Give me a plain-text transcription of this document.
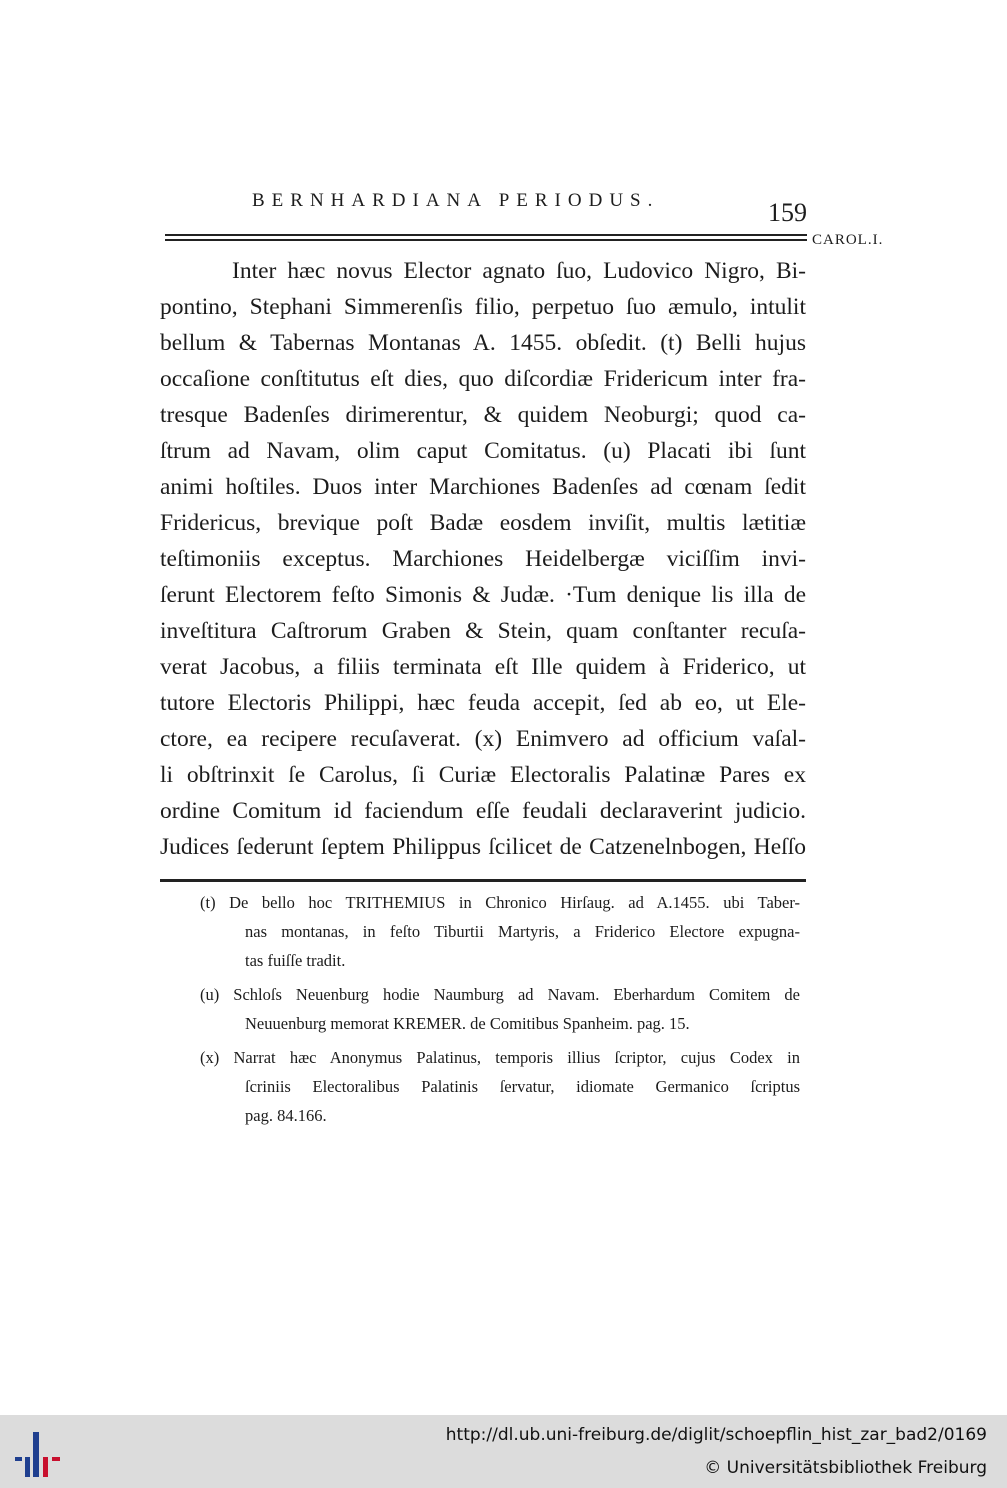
BERNHARDIANA PERIODUS.	159
CAROL.I.
Inter hæc novus Elector agnato ſuo, Ludovico Nigro, Bi-
pontino, Stephani Simmerenſis filio, perpetuo ſuo æmulo, intulit
bellum & Tabernas Montanas A. 1455. obſedit. (t) Belli hujus
occaſione conſtitutus eſt dies, quo diſcordiæ Fridericum inter fra-
tresque Badenſes dirimerentur, & quidem Neoburgi; quod ca-
ſtrum ad Navam, olim caput Comitatus. (u) Placati ibi ſunt
animi hoſtiles. Duos inter Marchiones Badenſes ad cœnam ſedit
Fridericus, brevique poſt Badæ eosdem inviſit, multis lætitiæ
teſtimoniis exceptus. Marchiones Heidelbergæ viciſſim invi-
ſerunt Electorem feſto Simonis & Judæ. ·Tum denique lis illa de
inveſtitura Caſtrorum Graben & Stein, quam conſtanter recuſa-
verat Jacobus, a filiis terminata eſt Ille quidem à Friderico, ut
tutore Electoris Philippi, hæc feuda accepit, ſed ab eo, ut Ele-
ctore, ea recipere recuſaverat. (x) Enimvero ad officium vaſal-
li obſtrinxit ſe Carolus, ſi Curiæ Electoralis Palatinæ Pares ex
ordine Comitum id faciendum eſſe feudali declaraverint judicio.
Judices ſederunt ſeptem Philippus ſcilicet de Catzenelnbogen, Heſſo
(t) De bello hoc TRITHEMIUS in Chronico Hirſaug. ad A.1455. ubi Taber-
nas montanas, in feſto Tiburtii Martyris, a Friderico Electore expugna-
tas fuiſſe tradit.
(u) Schloſs Neuenburg hodie Naumburg ad Navam. Eberhardum Comitem de
Neuuenburg memorat KREMER. de Comitibus Spanheim. pag. 15.
(x) Narrat hæc Anonymus Palatinus, temporis illius ſcriptor, cujus Codex in
ſcriniis Electoralibus Palatinis ſervatur, idiomate Germanico ſcriptus
pag. 84.166.
http://dl.ub.uni-freiburg.de/diglit/schoepflin_hist_zar_bad2/0169
© Universitätsbibliothek Freiburg
